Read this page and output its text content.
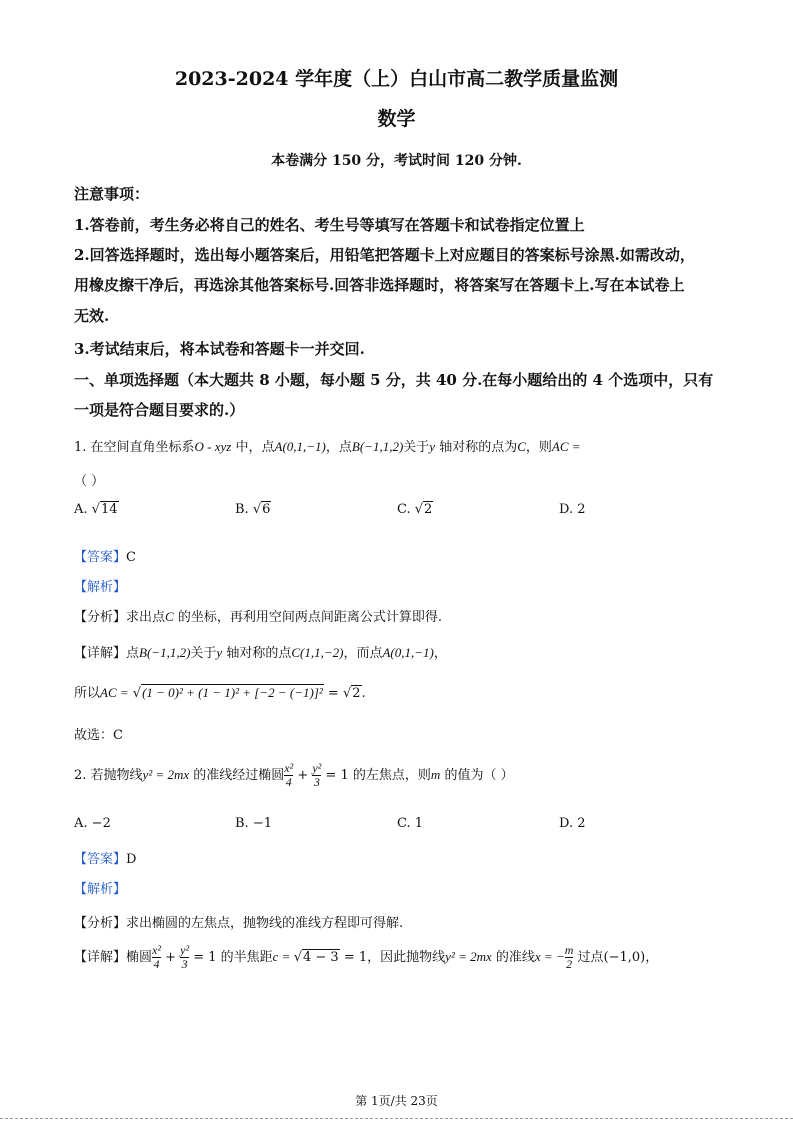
2023-2024 学年度（上）白山市高二教学质量监测
数学
本卷满分 150 分，考试时间 120 分钟.
注意事项：
1.答卷前，考生务必将自己的姓名、考生号等填写在答题卡和试卷指定位置上
2.回答选择题时，选出每小题答案后，用铅笔把答题卡上对应题目的答案标号涂黑.如需改动，
用橡皮擦干净后，再选涂其他答案标号.回答非选择题时，将答案写在答题卡上.写在本试卷上
无效.
3.考试结束后，将本试卷和答题卡一并交回.
一、单项选择题（本大题共 8 小题，每小题 5 分，共 40 分.在每小题给出的 4 个选项中，只有
一项是符合题目要求的.）
1. 在空间直角坐标系O - xyz 中，点A(0,1,−1)，点B(−1,1,2)关于y 轴对称的点为C，则AC =
（ ）
A. √14	B. √6	C. √2	D. 2
【答案】C
【解析】
【分析】求出点C 的坐标，再利用空间两点间距离公式计算即得.
【详解】点B(−1,1,2)关于y 轴对称的点C(1,1,−2)，而点A(0,1,−1)，
所以AC = √(1 − 0)² + (1 − 1)² + [−2 − (−1)]² = √2.
故选：C
2. 若抛物线y² = 2mx 的准线经过椭圆 $\frac{\text{x²}}{4} + \frac{\text{y²}}{3} = 1$ 的左焦点，则m 的值为（ ）
A. −2	B. −1	C. 1	D. 2
【答案】D
【解析】
【分析】求出椭圆的左焦点，抛物线的准线方程即可得解.
【详解】椭圆 $\frac{\text{x²}}{4} + \frac{\text{y²}}{3} = 1$ 的半焦距c = √4 − 3 = 1，因此抛物线y² = 2mx 的准线x = − $\frac{m}{2}$ 过点(−1,0)，
第 1页/共 23页
